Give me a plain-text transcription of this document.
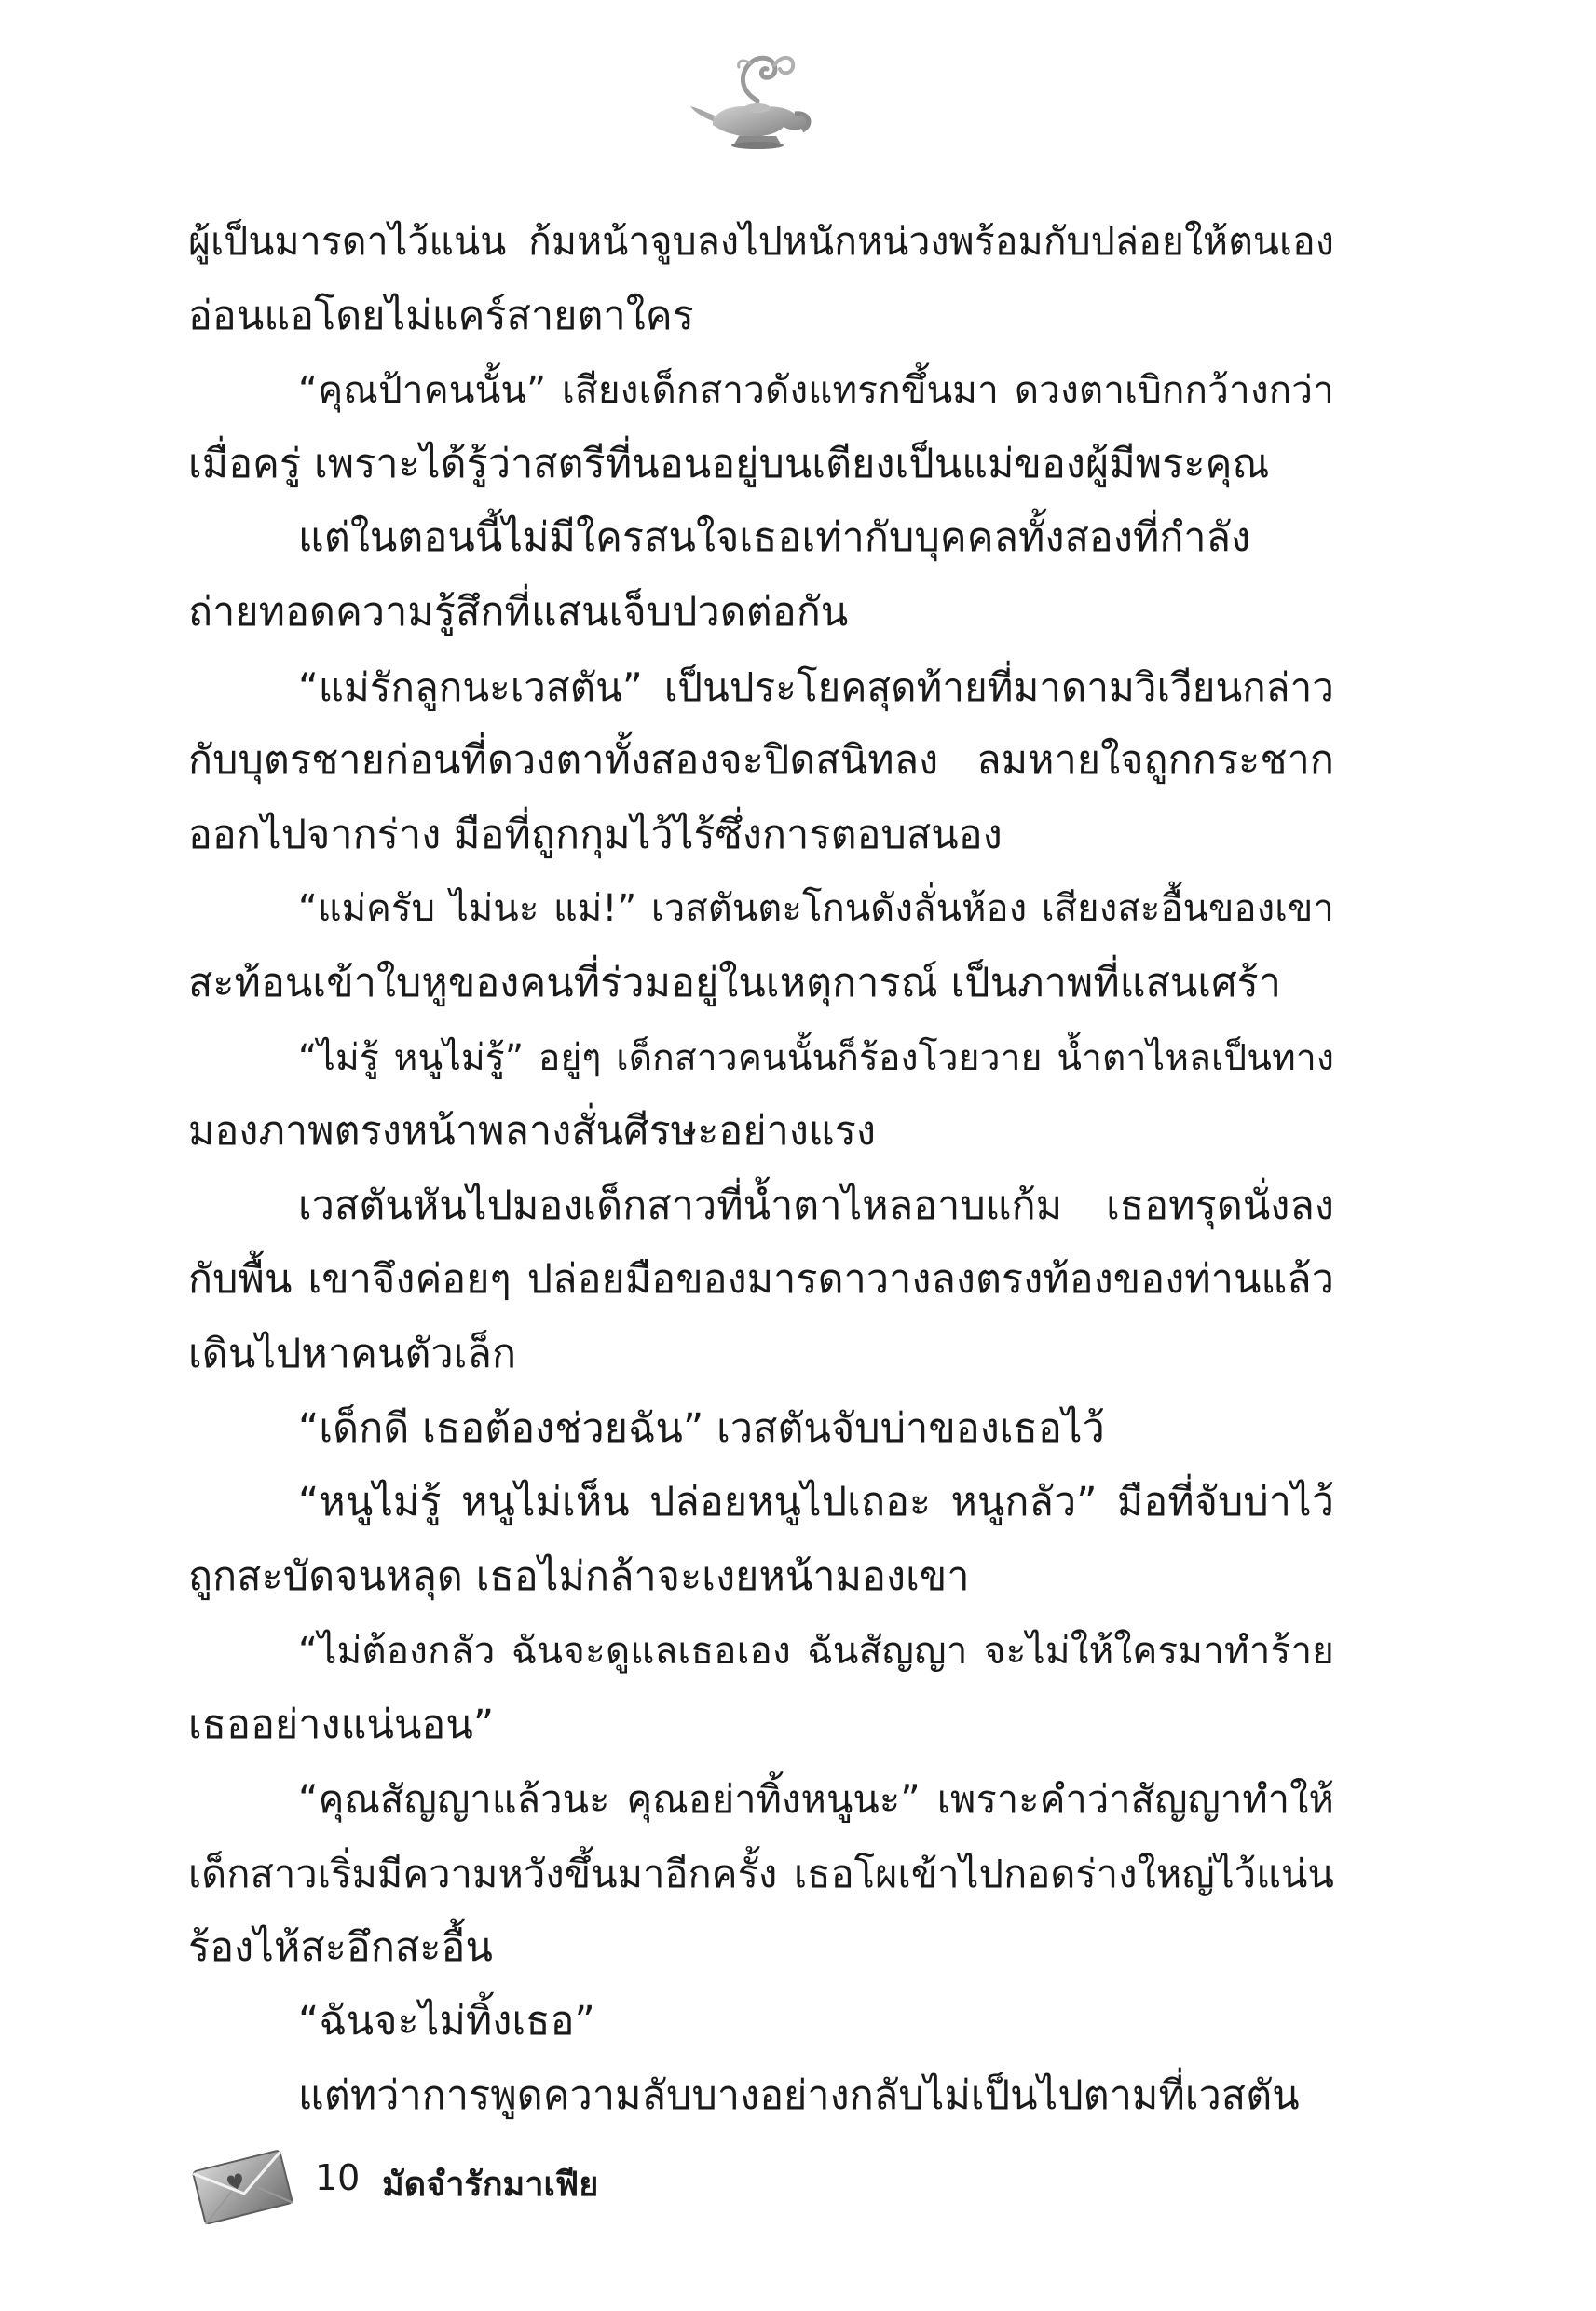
ผู้เป็นมารดาไว้แน่น ก้มหน้าจูบลงไปหนักหน่วงพร้อมกับปล่อยให้ตนเอง
อ่อนแอโดยไม่แคร์สายตาใคร
“คุณป้าคนนั้น” เสียงเด็กสาวดังแทรกขึ้นมา ดวงตาเบิกกว้างกว่า
เมื่อครู่ เพราะได้รู้ว่าสตรีที่นอนอยู่บนเตียงเป็นแม่ของผู้มีพระคุณ
แต่ในตอนนี้ไม่มีใครสนใจเธอเท่ากับบุคคลทั้งสองที่กำลัง
ถ่ายทอดความรู้สึกที่แสนเจ็บปวดต่อกัน
“แม่รักลูกนะเวสตัน” เป็นประโยคสุดท้ายที่มาดามวิเวียนกล่าว
กับบุตรชายก่อนที่ดวงตาทั้งสองจะปิดสนิทลง ลมหายใจถูกกระชาก
ออกไปจากร่าง มือที่ถูกกุมไว้ไร้ซึ่งการตอบสนอง
“แม่ครับ ไม่นะ แม่!” เวสตันตะโกนดังลั่นห้อง เสียงสะอื้นของเขา
สะท้อนเข้าใบหูของคนที่ร่วมอยู่ในเหตุการณ์ เป็นภาพที่แสนเศร้า
“ไม่รู้ หนูไม่รู้” อยู่ๆ เด็กสาวคนนั้นก็ร้องโวยวาย น้ำตาไหลเป็นทาง
มองภาพตรงหน้าพลางสั่นศีรษะอย่างแรง
เวสตันหันไปมองเด็กสาวที่น้ำตาไหลอาบแก้ม เธอทรุดนั่งลง
กับพื้น เขาจึงค่อยๆ ปล่อยมือของมารดาวางลงตรงท้องของท่านแล้ว
เดินไปหาคนตัวเล็ก
“เด็กดี เธอต้องช่วยฉัน” เวสตันจับบ่าของเธอไว้
“หนูไม่รู้ หนูไม่เห็น ปล่อยหนูไปเถอะ หนูกลัว” มือที่จับบ่าไว้
ถูกสะบัดจนหลุด เธอไม่กล้าจะเงยหน้ามองเขา
“ไม่ต้องกลัว ฉันจะดูแลเธอเอง ฉันสัญญา จะไม่ให้ใครมาทำร้าย
เธออย่างแน่นอน”
“คุณสัญญาแล้วนะ คุณอย่าทิ้งหนูนะ” เพราะคำว่าสัญญาทำให้
เด็กสาวเริ่มมีความหวังขึ้นมาอีกครั้ง เธอโผเข้าไปกอดร่างใหญ่ไว้แน่น
ร้องไห้สะอึกสะอื้น
“ฉันจะไม่ทิ้งเธอ”
แต่ทว่าการพูดความลับบางอย่างกลับไม่เป็นไปตามที่เวสตัน
10 มัดจำรักมาเฟีย
